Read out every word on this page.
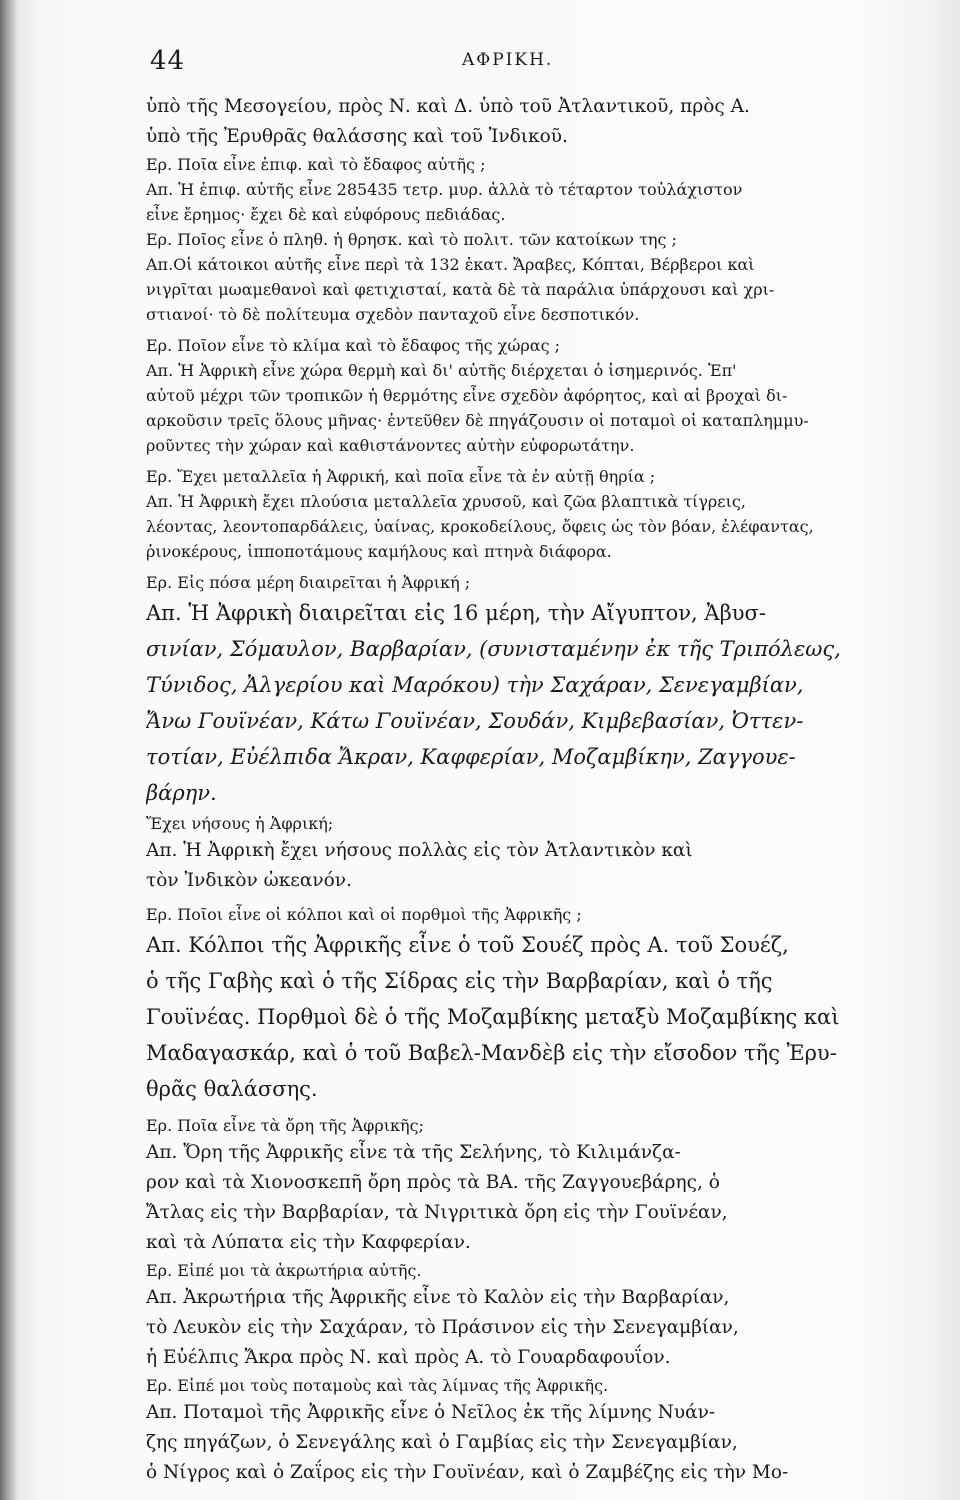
44	ΑΦΡΙΚΗ.
ὑπὸ τῆς Μεσογείου, πρὸς Ν. καὶ Δ. ὑπὸ τοῦ Ἀτλαντικοῦ, πρὸς Α.
ὑπὸ τῆς Ἐρυθρᾶς θαλάσσης καὶ τοῦ Ἰνδικοῦ.
Ερ. Ποῖα εἶνε ἐπιφ. καὶ τὸ ἔδαφος αὐτῆς ;
Απ. Ἡ ἐπιφ. αὐτῆς εἶνε 285435 τετρ. μυρ. ἀλλὰ τὸ τέταρτον τοὐλάχιστον
εἶνε ἔρημος· ἔχει δὲ καὶ εὐφόρους πεδιάδας.
Ερ. Ποῖος εἶνε ὁ πληθ. ἡ θρησκ. καὶ τὸ πολιτ. τῶν κατοίκων της ;
Απ.Οἱ κάτοικοι αὐτῆς εἶνε περὶ τὰ 132 ἑκατ. Ἄραβες, Κόπται, Βέρβεροι καὶ
νιγρῖται μωαμεθανοὶ καὶ φετιχισταί, κατὰ δὲ τὰ παράλια ὑπάρχουσι καὶ χρι-
στιανοί· τὸ δὲ πολίτευμα σχεδὸν πανταχοῦ εἶνε δεσποτικόν.
Ερ. Ποῖον εἶνε τὸ κλίμα καὶ τὸ ἔδαφος τῆς χώρας ;
Απ. Ἡ Ἀφρικὴ εἶνε χώρα θερμὴ καὶ δι' αὐτῆς διέρχεται ὁ ἰσημερινός. Ἐπ'
αὐτοῦ μέχρι τῶν τροπικῶν ἡ θερμότης εἶνε σχεδὸν ἀφόρητος, καὶ αἱ βροχαὶ δι-
αρκοῦσιν τρεῖς ὅλους μῆνας· ἐντεῦθεν δὲ πηγάζουσιν οἱ ποταμοὶ οἱ καταπλημμυ-
ροῦντες τὴν χώραν καὶ καθιστάνοντες αὐτὴν εὐφορωτάτην.
Ερ. Ἔχει μεταλλεῖα ἡ Ἀφρική, καὶ ποῖα εἶνε τὰ ἐν αὐτῇ θηρία ;
Απ. Ἡ Ἀφρικὴ ἔχει πλούσια μεταλλεῖα χρυσοῦ, καὶ ζῶα βλαπτικὰ τίγρεις,
λέοντας, λεοντοπαρδάλεις, ὑαίνας, κροκοδείλους, ὄφεις ὡς τὸν βόαν, ἐλέφαντας,
ῥινοκέρους, ἱπποποτάμους καμήλους καὶ πτηνὰ διάφορα.
Ερ. Εἰς πόσα μέρη διαιρεῖται ἡ Ἀφρική ;
Απ. Ἡ Ἀφρικὴ διαιρεῖται εἰς 16 μέρη, τὴν Αἴγυπτον, Ἀβυσ-
σινίαν, Σόμαυλον, Βαρβαρίαν, (συνισταμένην ἐκ τῆς Τριπόλεως,
Τύνιδος, Ἀλγερίου καὶ Μαρόκου) τὴν Σαχάραν, Σενεγαμβίαν,
Ἄνω Γουϊνέαν, Κάτω Γουϊνέαν, Σουδάν, Κιμβεβασίαν, Ὀττεν-
τοτίαν, Εὐέλπιδα Ἄκραν, Καφφερίαν, Μοζαμβίκην, Ζαγγουε-
βάρην.
Ἔχει νήσους ἡ Ἀφρική;
Απ. Ἡ Ἀφρικὴ ἔχει νήσους πολλὰς εἰς τὸν Ἀτλαντικὸν καὶ
τὸν Ἰνδικὸν ὠκεανόν.
Ερ. Ποῖοι εἶνε οἱ κόλποι καὶ οἱ πορθμοὶ τῆς Ἀφρικῆς ;
Απ. Κόλποι τῆς Ἀφρικῆς εἶνε ὁ τοῦ Σουέζ πρὸς Α. τοῦ Σουέζ,
ὁ τῆς Γαβὴς καὶ ὁ τῆς Σίδρας εἰς τὴν Βαρβαρίαν, καὶ ὁ τῆς
Γουϊνέας. Πορθμοὶ δὲ ὁ τῆς Μοζαμβίκης μεταξὺ Μοζαμβίκης καὶ
Μαδαγασκάρ, καὶ ὁ τοῦ Βαβελ-Μανδὲβ εἰς τὴν εἴσοδον τῆς Ἐρυ-
θρᾶς θαλάσσης.
Ερ. Ποῖα εἶνε τὰ ὄρη τῆς Ἀφρικῆς;
Απ. Ὄρη τῆς Ἀφρικῆς εἶνε τὰ τῆς Σελήνης, τὸ Κιλιμάνζα-
ρον καὶ τὰ Χιονοσκεπῆ ὄρη πρὸς τὰ ΒΑ. τῆς Ζαγγουεβάρης, ὁ
Ἄτλας εἰς τὴν Βαρβαρίαν, τὰ Νιγριτικὰ ὄρη εἰς τὴν Γουϊνέαν,
καὶ τὰ Λύπατα εἰς τὴν Καφφερίαν.
Ερ. Εἰπέ μοι τὰ ἀκρωτήρια αὐτῆς.
Απ. Ἀκρωτήρια τῆς Ἀφρικῆς εἶνε τὸ Καλὸν εἰς τὴν Βαρβαρίαν,
τὸ Λευκὸν εἰς τὴν Σαχάραν, τὸ Πράσινον εἰς τὴν Σενεγαμβίαν,
ἡ Εὐέλπις Ἄκρα πρὸς Ν. καὶ πρὸς Α. τὸ Γουαρδαφουΐον.
Ερ. Εἰπέ μοι τοὺς ποταμοὺς καὶ τὰς λίμνας τῆς Ἀφρικῆς.
Απ. Ποταμοὶ τῆς Ἀφρικῆς εἶνε ὁ Νεῖλος ἐκ τῆς λίμνης Νυάν-
ζης πηγάζων, ὁ Σενεγάλης καὶ ὁ Γαμβίας εἰς τὴν Σενεγαμβίαν,
ὁ Νίγρος καὶ ὁ Ζαΐρος εἰς τὴν Γουϊνέαν, καὶ ὁ Ζαμβέζης εἰς τὴν Μο-
